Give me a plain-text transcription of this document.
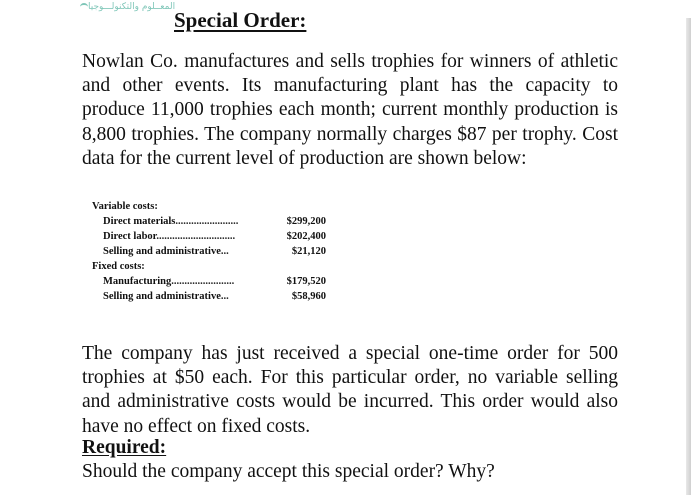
المعــلوم والتكنولـــوجيا
Special Order:

Nowlan Co. manufactures and sells trophies for winners of athletic and other events. Its manufacturing plant has the capacity to produce 11,000 trophies each month; current monthly production is 8,800 trophies. The company normally charges $87 per trophy. Cost data for the current level of production are shown below:

Variable costs:
Direct materials........................	$299,200
Direct labor..............................	$202,400
Selling and administrative...	$21,120
Fixed costs:
Manufacturing........................	$179,520
Selling and administrative...	$58,960

The company has just received a special one-time order for 500 trophies at $50 each. For this particular order, no variable selling and administrative costs would be incurred. This order would also have no effect on fixed costs.

Required:
Should the company accept this special order? Why?
